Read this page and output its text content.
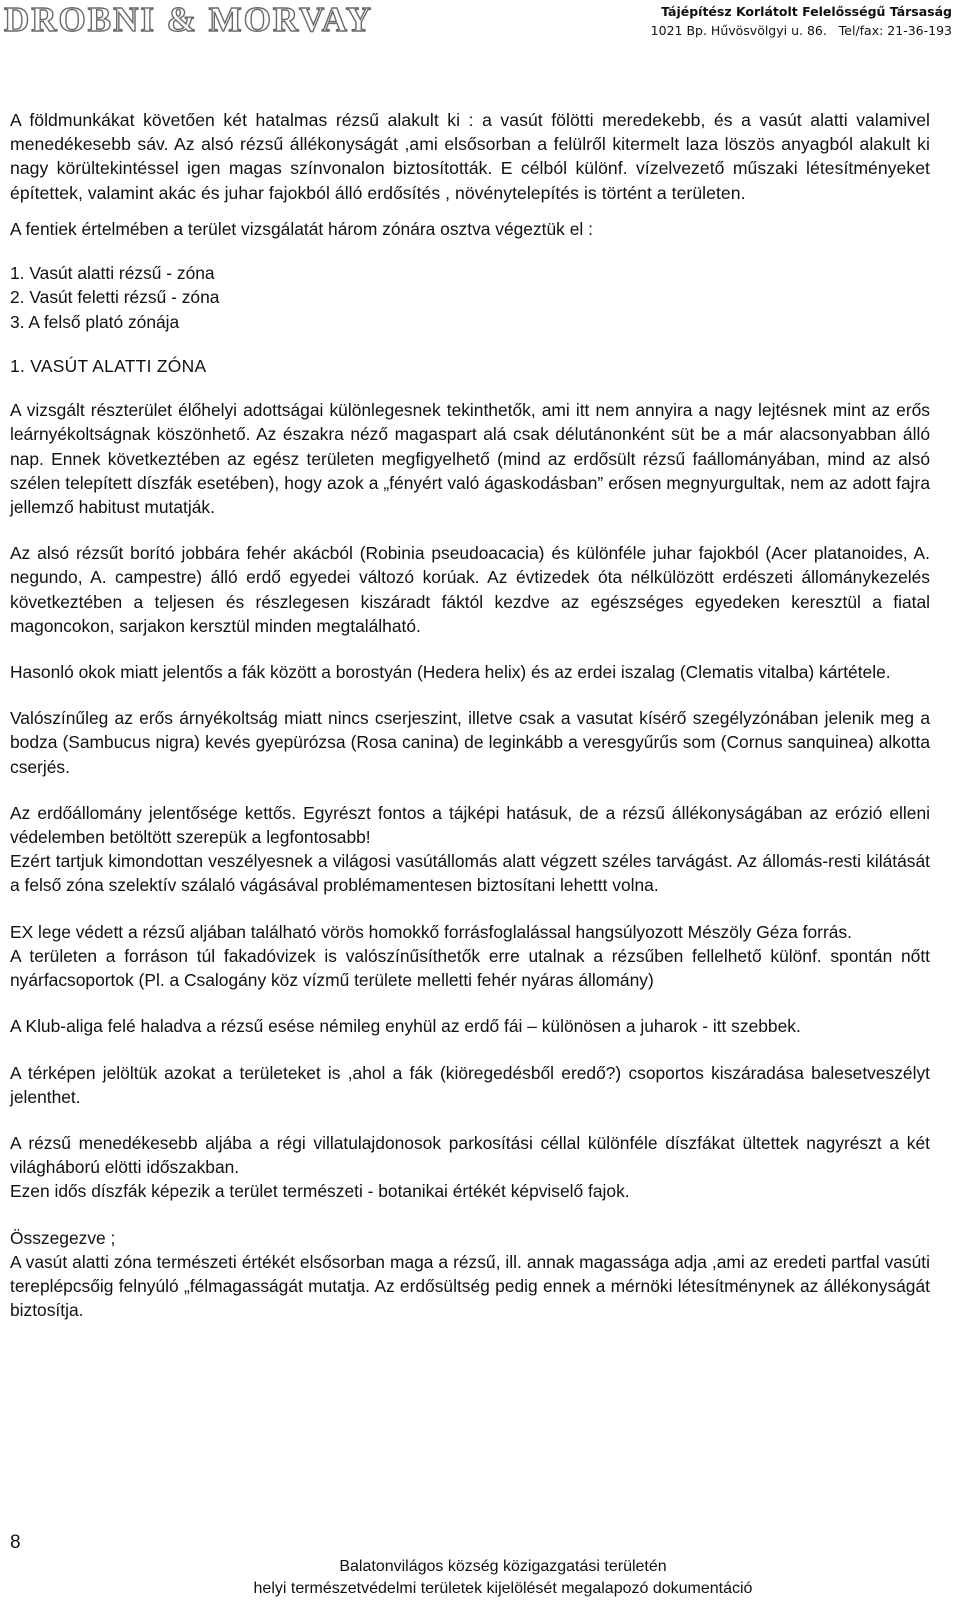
DROBNI & MORVAY	Tájépítész Korlátolt Felelősségű Társaság
1021 Bp. Hűvösvölgyi u. 86. Tel/fax: 21-36-193

A földmunkákat követően két hatalmas rézsű alakult ki : a vasút fölötti meredekebb, és a vasút alatti valamivel menedékesebb sáv. Az alsó rézsű állékonyságát ,ami elsősorban a felülről kitermelt laza löszös anyagból alakult ki nagy körültekintéssel igen magas színvonalon biztosították. E célból különf. vízelvezető műszaki létesítményeket építettek, valamint akác és juhar fajokból álló erdősítés , növénytelepítés is történt a területen.

A fentiek értelmében a terület vizsgálatát három zónára osztva végeztük el :

1. Vasút alatti rézsű - zóna
2. Vasút feletti rézsű - zóna
3. A felső plató zónája

1. VASÚT ALATTI ZÓNA

A vizsgált részterület élőhelyi adottságai különlegesnek tekinthetők, ami itt nem annyira a nagy lejtésnek mint az erős leárnyékoltságnak köszönhető. Az északra néző magaspart alá csak délutánonként süt be a már alacsonyabban álló nap. Ennek következtében az egész területen megfigyelhető (mind az erdősült rézsű faállományában, mind az alsó szélen telepített díszfák esetében), hogy azok a „fényért való ágaskodásban” erősen megnyurgultak, nem az adott fajra jellemző habitust mutatják.

Az alsó rézsűt borító jobbára fehér akácból (Robinia pseudoacacia) és különféle juhar fajokból (Acer platanoides, A. negundo, A. campestre) álló erdő egyedei változó korúak. Az évtizedek óta nélkülözött erdészeti állománykezelés következtében a teljesen és részlegesen kiszáradt fáktól kezdve az egészséges egyedeken keresztül a fiatal magoncokon, sarjakon kersztül minden megtalálható.

Hasonló okok miatt jelentős a fák között a borostyán (Hedera helix) és az erdei iszalag (Clematis vitalba) kártétele.

Valószínűleg az erős árnyékoltság miatt nincs cserjeszint, illetve csak a vasutat kísérő szegélyzónában jelenik meg a bodza (Sambucus nigra) kevés gyepürózsa (Rosa canina) de leginkább a veresgyűrűs som (Cornus sanquinea) alkotta cserjés.

Az erdőállomány jelentősége kettős. Egyrészt fontos a tájképi hatásuk, de a rézsű állékonyságában az erózió elleni védelemben betöltött szerepük a legfontosabb!

Ezért tartjuk kimondottan veszélyesnek a világosi vasútállomás alatt végzett széles tarvágást. Az állomás-resti kilátását a felső zóna szelektív szálaló vágásával problémamentesen biztosítani lehettt volna.

EX lege védett a rézsű aljában található vörös homokkő forrásfoglalással hangsúlyozott Mészöly Géza forrás.

A területen a forráson túl fakadóvizek is valószínűsíthetők erre utalnak a rézsűben fellelhető különf. spontán nőtt nyárfacsoportok (Pl. a Csalogány köz vízmű területe melletti fehér nyáras állomány)

A Klub-aliga felé haladva a rézsű esése némileg enyhül az erdő fái – különösen a juharok - itt szebbek.

A térképen jelöltük azokat a területeket is ,ahol a fák (kiöregedésből eredő?) csoportos kiszáradása balesetveszélyt jelenthet.

A rézsű menedékesebb aljába a régi villatulajdonosok parkosítási céllal különféle díszfákat ültettek nagyrészt a két világháború elötti időszakban.

Ezen idős díszfák képezik a terület természeti - botanikai értékét képviselő fajok.

Összegezve ;

A vasút alatti zóna természeti értékét elsősorban maga a rézsű, ill. annak magassága adja ,ami az eredeti partfal vasúti tereplépcsőig felnyúló „félmagasságát mutatja. Az erdősültség pedig ennek a mérnöki létesítménynek az állékonyságát biztosítja.

8
Balatonvilágos község közigazgatási területén
helyi természetvédelmi területek kijelölését megalapozó dokumentáció
